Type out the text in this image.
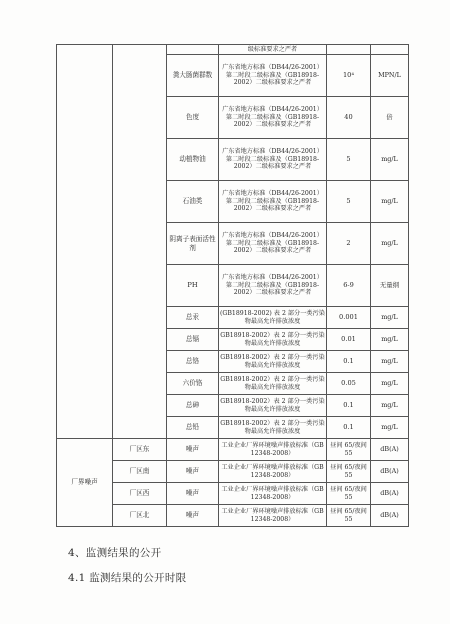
			级标准要求之严者		
		粪大肠菌群数	广东省地方标准（DB44/26-2001）第二时段二级标准及（GB18918-2002）二级标准要求之严者	10⁴	MPN/L
		色度	广东省地方标准（DB44/26-2001）第二时段二级标准及（GB18918-2002）二级标准要求之严者	40	倍
		动植物油	广东省地方标准（DB44/26-2001）第二时段二级标准及（GB18918-2002）二级标准要求之严者	5	mg/L
		石油类	广东省地方标准（DB44/26-2001）第二时段二级标准及（GB18918-2002）二级标准要求之严者	5	mg/L
		阴离子表面活性剂	广东省地方标准（DB44/26-2001）第二时段二级标准及（GB18918-2002）二级标准要求之严者	2	mg/L
		PH	广东省地方标准（DB44/26-2001）第二时段二级标准及（GB18918-2002）二级标准要求之严者	6-9	无量纲
		总汞	(GB18918-2002) 表 2 部分一类污染物最高允许排放浓度	0.001	mg/L
		总镉	GB18918-2002）表 2 部分一类污染物最高允许排放浓度	0.01	mg/L
		总铬	GB18918-2002）表 2 部分一类污染物最高允许排放浓度	0.1	mg/L
		六价铬	GB18918-2002）表 2 部分一类污染物最高允许排放浓度	0.05	mg/L
		总砷	GB18918-2002）表 2 部分一类污染物最高允许排放浓度	0.1	mg/L
		总铅	GB18918-2002）表 2 部分一类污染物最高允许排放浓度	0.1	mg/L
厂界噪声	厂区东	噪声	工业企业厂界环境噪声排放标准（GB 12348-2008）	昼间 65/夜间 55	dB(A)
	厂区南	噪声	工业企业厂界环境噪声排放标准（GB 12348-2008）	昼间 65/夜间 55	dB(A)
	厂区西	噪声	工业企业厂界环境噪声排放标准（GB 12348-2008）	昼间 65/夜间 55	dB(A)
	厂区北	噪声	工业企业厂界环境噪声排放标准（GB 12348-2008）	昼间 65/夜间 55	dB(A)
4、监测结果的公开
4.1 监测结果的公开时限
